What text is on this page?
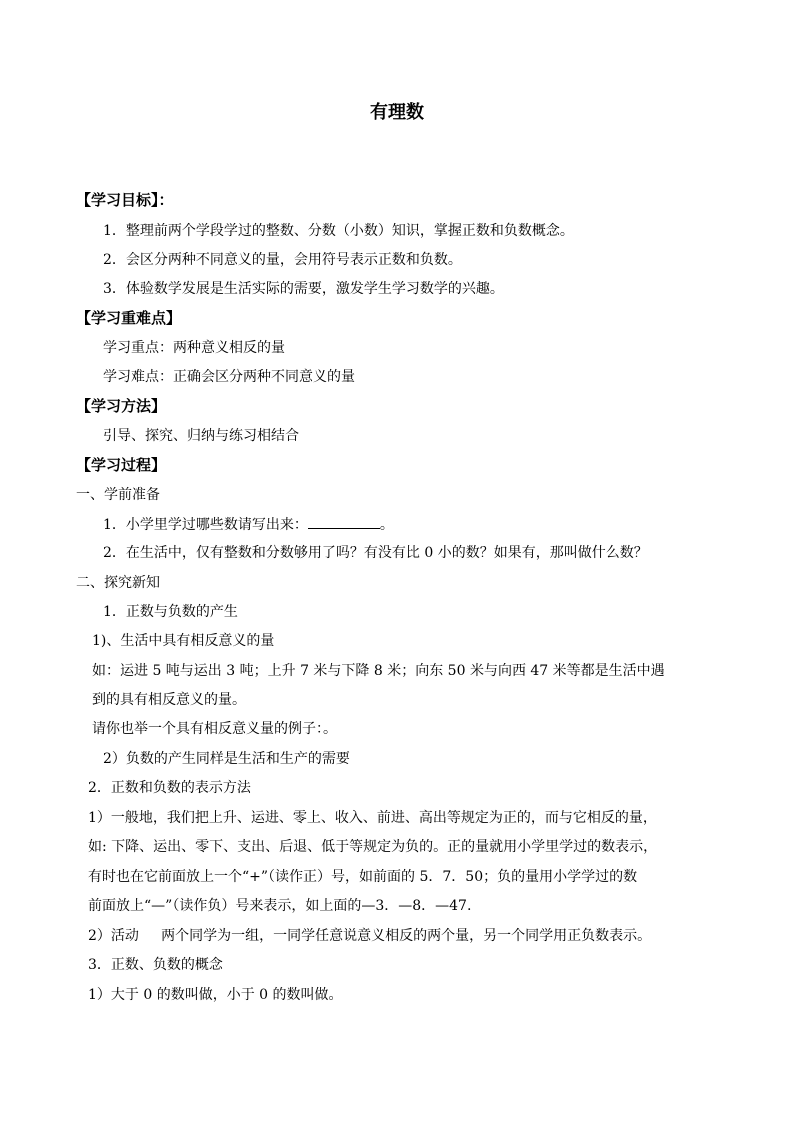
有理数
【学习目标】：
1．整理前两个学段学过的整数、分数（小数）知识，掌握正数和负数概念。
2．会区分两种不同意义的量，会用符号表示正数和负数。
3．体验数学发展是生活实际的需要，激发学生学习数学的兴趣。
【学习重难点】
学习重点：两种意义相反的量
学习难点：正确会区分两种不同意义的量
【学习方法】
引导、探究、归纳与练习相结合
【学习过程】
一、学前准备
1．小学里学过哪些数请写出来：	。
2．在生活中，仅有整数和分数够用了吗？有没有比 0 小的数？如果有，那叫做什么数？
二、探究新知
1．正数与负数的产生
1)、生活中具有相反意义的量
如：运进 5 吨与运出 3 吨；上升 7 米与下降 8 米；向东 50 米与向西 47 米等都是生活中遇
到的具有相反意义的量。
请你也举一个具有相反意义量的例子：。
2）负数的产生同样是生活和生产的需要
2．正数和负数的表示方法
1）一般地，我们把上升、运进、零上、收入、前进、高出等规定为正的，而与它相反的量，
如: 下降、运出、零下、支出、后退、低于等规定为负的。正的量就用小学里学过的数表示，
有时也在它前面放上一个“+”（读作正）号，如前面的 5．7．50；负的量用小学学过的数
前面放上“—”（读作负）号来表示，如上面的—3．—8．—47.
2）活动     两个同学为一组，一同学任意说意义相反的两个量，另一个同学用正负数表示。
3．正数、负数的概念
1）大于 0 的数叫做，小于 0 的数叫做。
